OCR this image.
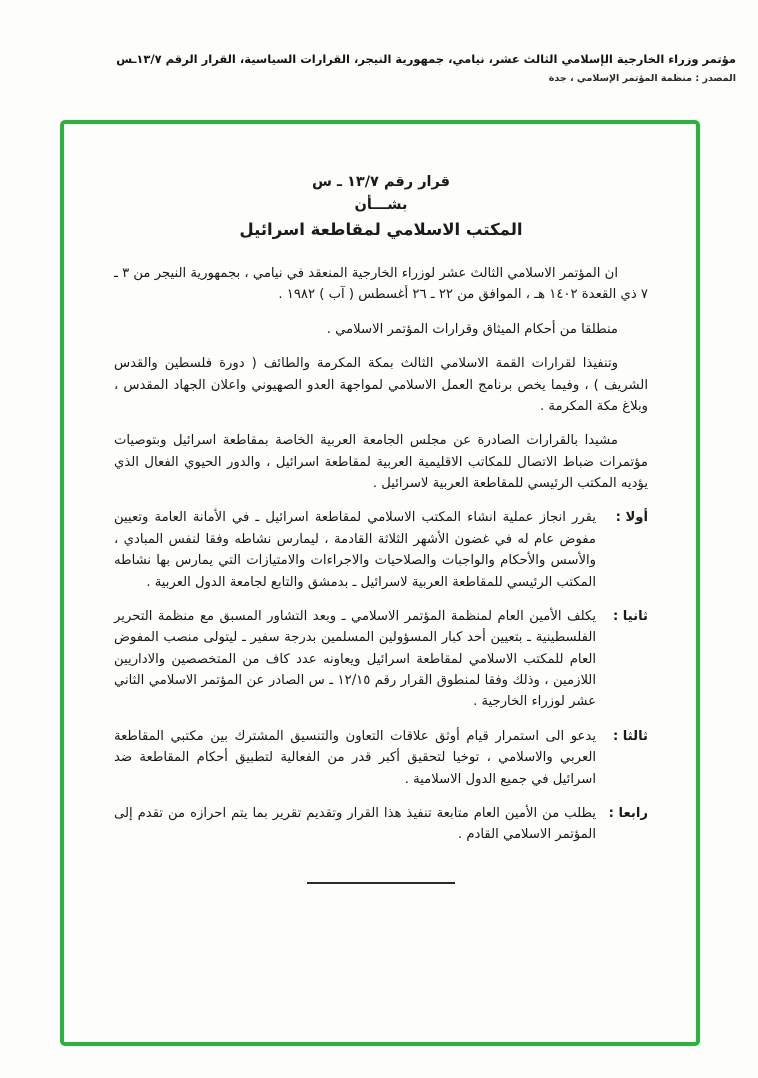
مؤتمر وزراء الخارجية الإسلامي الثالث عشر، نيامي، جمهورية النيجر، القرارات السياسية، القرار الرقم ١٣/٧ـس
المصدر : منظمة المؤتمر الإسلامي ، جدة
قرار رقم ١٣/٧ ـ س
بشـــأن
المكتب الاسلامي لمقاطعة اسرائيل

ان المؤتمر الاسلامي الثالث عشر لوزراء الخارجية المنعقد في نيامي ، بجمهورية النيجر من ٣ ـ ٧ ذي القعدة ١٤٠٢ هـ ، الموافق من ٢٢ ـ ٢٦ أغسطس ( آب ) ١٩٨٢ .

منطلقا من أحكام الميثاق وقرارات المؤتمر الاسلامي .

وتنفيذا لقرارات القمة الاسلامي الثالث بمكة المكرمة والطائف ( دورة فلسطين والقدس الشريف ) ، وفيما يخص برنامج العمل الاسلامي لمواجهة العدو الصهيوني واعلان الجهاد المقدس ، وبلاغ مكة المكرمة .

مشيدا بالقرارات الصادرة عن مجلس الجامعة العربية الخاصة بمقاطعة اسرائيل وبتوصيات مؤتمرات ضباط الاتصال للمكاتب الاقليمية العربية لمقاطعة اسرائيل ، والدور الحيوي الفعال الذي يؤديه المكتب الرئيسي للمقاطعة العربية لاسرائيل .

أولا :
يقرر انجاز عملية انشاء المكتب الاسلامي لمقاطعة اسرائيل ـ في الأمانة العامة وتعيين مفوض عام له في غضون الأشهر الثلاثة القادمة ، ليمارس نشاطه وفقا لنفس المبادي ، والأسس والأحكام والواجبات والصلاحيات والاجراءات والامتيازات التي يمارس بها نشاطه المكتب الرئيسي للمقاطعة العربية لاسرائيل ـ بدمشق والتابع لجامعة الدول العربية .
ثانيا :
يكلف الأمين العام لمنظمة المؤتمر الاسلامي ـ وبعد التشاور المسبق مع منظمة التحرير الفلسطينية ـ بتعيين أحد كبار المسؤولين المسلمين بدرجة سفير ـ ليتولى منصب المفوض العام للمكتب الاسلامي لمقاطعة اسرائيل ويعاونه عدد كاف من المتخصصين والاداريين اللازمين ، وذلك وفقا لمنطوق القرار رقم ١٢/١٥ ـ س الصادر عن المؤتمر الاسلامي الثاني عشر لوزراء الخارجية .
ثالثا :
يدعو الى استمرار قيام أوثق علاقات التعاون والتنسيق المشترك بين مكتبي المقاطعة العربي والاسلامي ، توخيا لتحقيق أكبر قدر من الفعالية لتطبيق أحكام المقاطعة ضد اسرائيل في جميع الدول الاسلامية .
رابعا :
يطلب من الأمين العام متابعة تنفيذ هذا القرار وتقديم تقرير بما يتم احرازه من تقدم إلى المؤتمر الاسلامي القادم .
